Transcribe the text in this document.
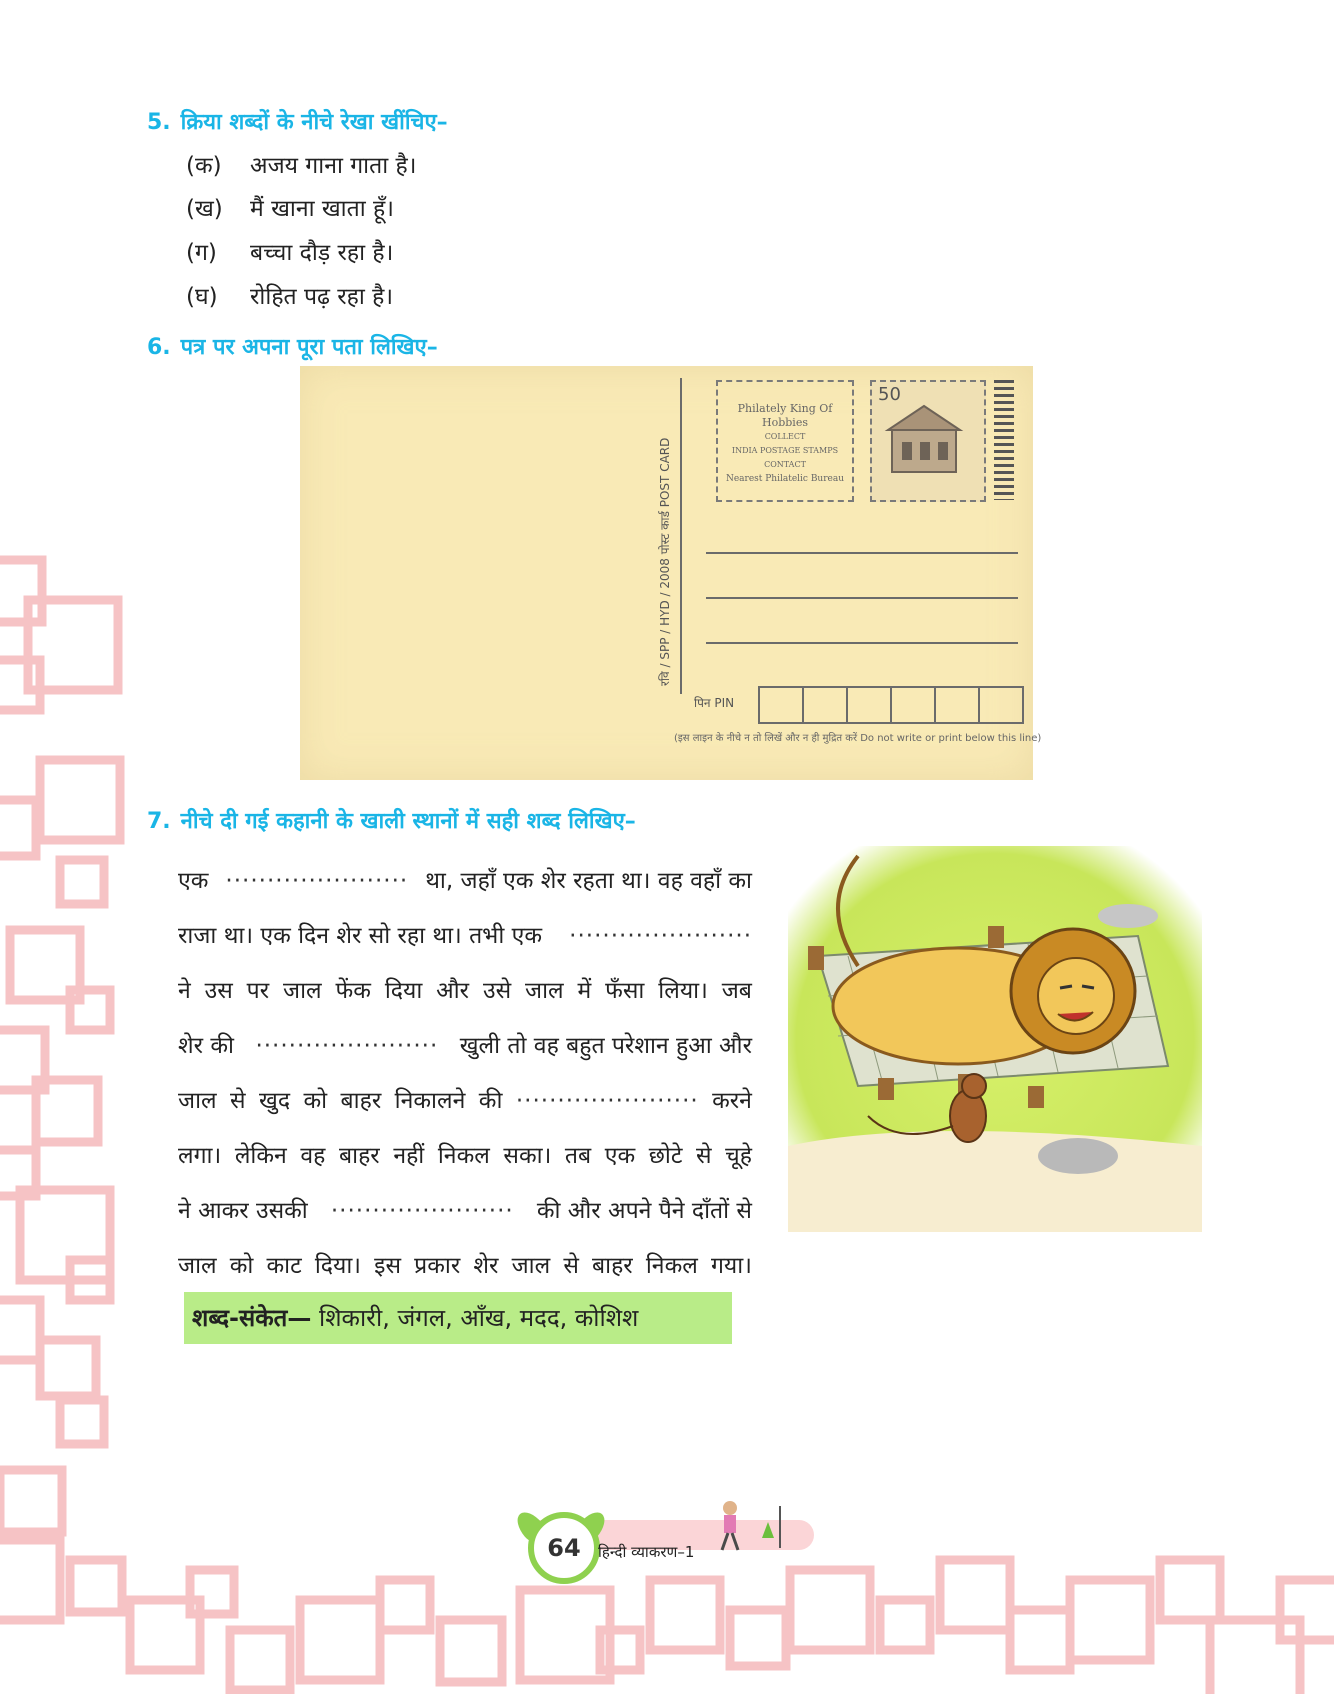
5. क्रिया शब्दों के नीचे रेखा खींचिए–
(क) अजय गाना गाता है।
(ख) मैं खाना खाता हूँ।
(ग) बच्चा दौड़ रहा है।
(घ) रोहित पढ़ रहा है।
6. पत्र पर अपना पूरा पता लिखिए–
रवि / SPP / HYD / 2008 पोस्ट कार्ड POST CARD
Philately King Of Hobbies
COLLECT
INDIA POSTAGE STAMPS
CONTACT
Nearest Philatelic Bureau
50
पिन PIN
(इस लाइन के नीचे न तो लिखें और न ही मुद्रित करें Do not write or print below this line)
7. नीचे दी गई कहानी के खाली स्थानों में सही शब्द लिखिए–
एक ······················ था, जहाँ एक शेर रहता था। वह वहाँ का
राजा था। एक दिन शेर सो रहा था। तभी एक ······················
ने उस पर जाल फेंक दिया और उसे जाल में फँसा लिया। जब
शेर की ······················ खुली तो वह बहुत परेशान हुआ और
जाल से खुद को बाहर निकालने की ······················ करने
लगा। लेकिन वह बाहर नहीं निकल सका। तब एक छोटे से चूहे
ने आकर उसकी ······················ की और अपने पैने दाँतों से
जाल को काट दिया। इस प्रकार शेर जाल से बाहर निकल गया।
शब्द-संकेत— शिकारी, जंगल, आँख, मदद, कोशिश
64	हिन्दी व्याकरण–1
